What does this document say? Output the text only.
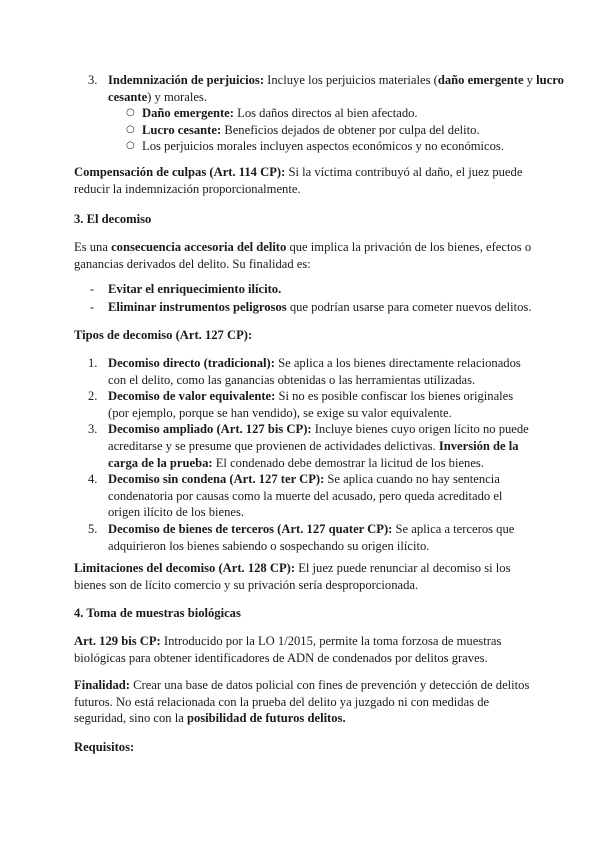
3. Indemnización de perjuicios: Incluye los perjuicios materiales (daño emergente y lucro cesante) y morales.

○ Daño emergente: Los daños directos al bien afectado.
○ Lucro cesante: Beneficios dejados de obtener por culpa del delito.
○ Los perjuicios morales incluyen aspectos económicos y no económicos.

Compensación de culpas (Art. 114 CP): Si la víctima contribuyó al daño, el juez puede reducir la indemnización proporcionalmente.

3. El decomiso

Es una consecuencia accesoria del delito que implica la privación de los bienes, efectos o ganancias derivados del delito. Su finalidad es:

- Evitar el enriquecimiento ilícito.
- Eliminar instrumentos peligrosos que podrían usarse para cometer nuevos delitos.

Tipos de decomiso (Art. 127 CP):

1. Decomiso directo (tradicional): Se aplica a los bienes directamente relacionados con el delito, como las ganancias obtenidas o las herramientas utilizadas.
2. Decomiso de valor equivalente: Si no es posible confiscar los bienes originales (por ejemplo, porque se han vendido), se exige su valor equivalente.
3. Decomiso ampliado (Art. 127 bis CP): Incluye bienes cuyo origen lícito no puede acreditarse y se presume que provienen de actividades delictivas. Inversión de la carga de la prueba: El condenado debe demostrar la licitud de los bienes.
4. Decomiso sin condena (Art. 127 ter CP): Se aplica cuando no hay sentencia condenatoria por causas como la muerte del acusado, pero queda acreditado el origen ilícito de los bienes.
5. Decomiso de bienes de terceros (Art. 127 quater CP): Se aplica a terceros que adquirieron los bienes sabiendo o sospechando su origen ilícito.

Limitaciones del decomiso (Art. 128 CP): El juez puede renunciar al decomiso si los bienes son de lícito comercio y su privación sería desproporcionada.

4. Toma de muestras biológicas

Art. 129 bis CP: Introducido por la LO 1/2015, permite la toma forzosa de muestras biológicas para obtener identificadores de ADN de condenados por delitos graves.

Finalidad: Crear una base de datos policial con fines de prevención y detección de delitos futuros. No está relacionada con la prueba del delito ya juzgado ni con medidas de seguridad, sino con la posibilidad de futuros delitos.

Requisitos:
